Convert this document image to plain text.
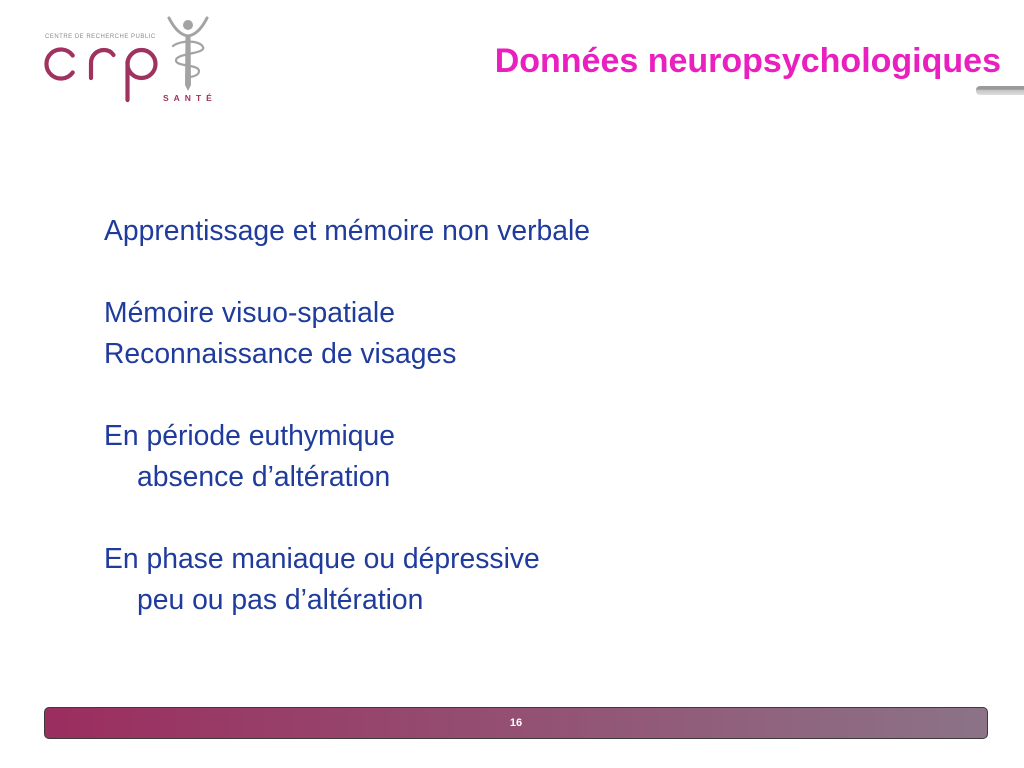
CENTRE DE RECHERCHE PUBLIC
SANTÉ
Données neuropsychologiques
Apprentissage et mémoire non verbale
Mémoire visuo-spatiale
Reconnaissance de visages
En période euthymique
absence d’altération
En phase maniaque ou dépressive
peu ou pas d’altération
16
